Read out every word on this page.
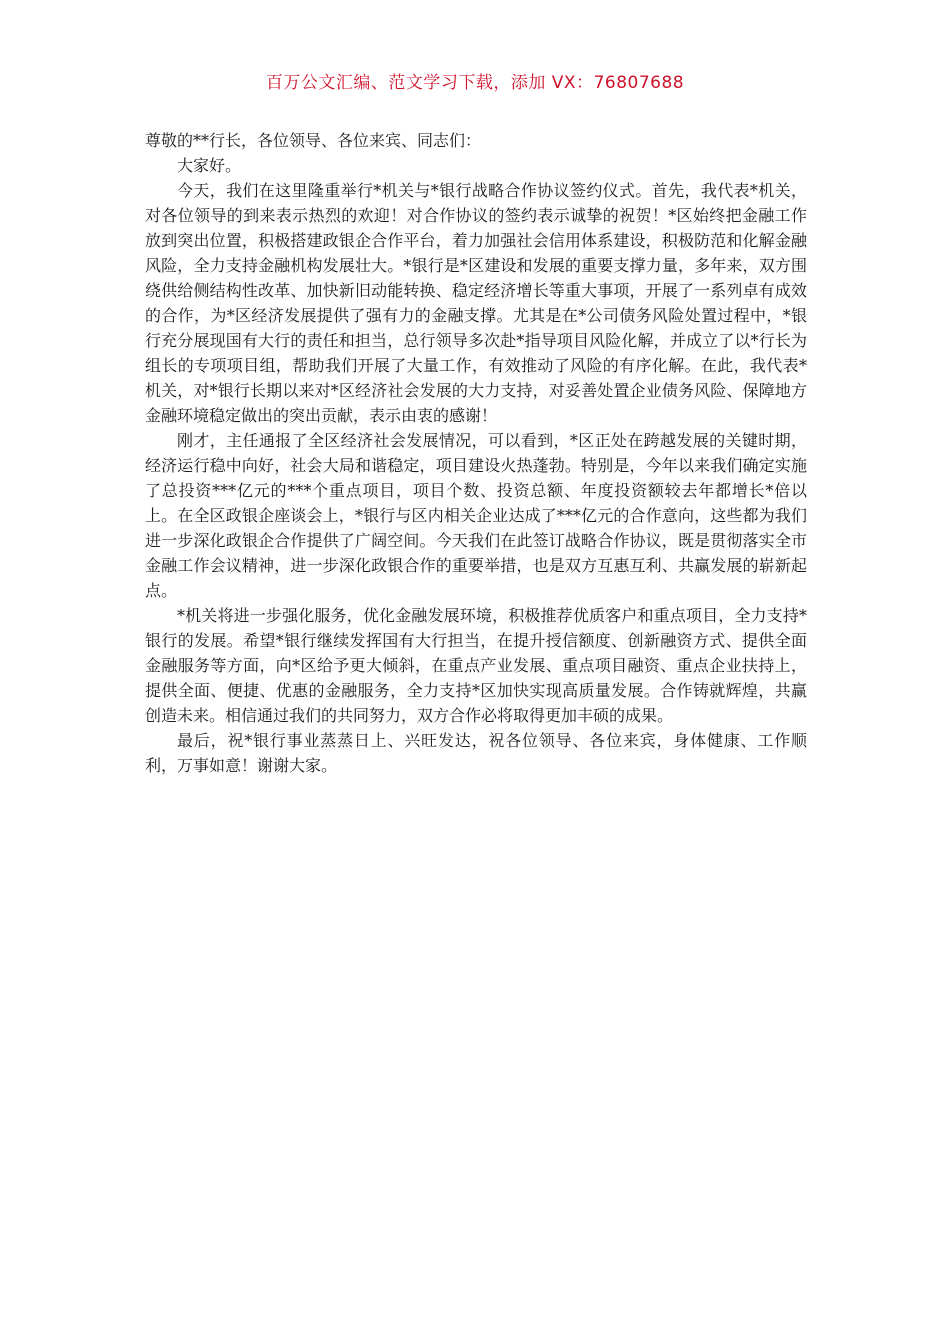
百万公文汇编、范文学习下载，添加 VX：76807688

尊敬的**行长，各位领导、各位来宾、同志们：

大家好。

今天，我们在这里隆重举行*机关与*银行战略合作协议签约仪式。首先，我代表*机关，对各位领导的到来表示热烈的欢迎！对合作协议的签约表示诚挚的祝贺！*区始终把金融工作放到突出位置，积极搭建政银企合作平台，着力加强社会信用体系建设，积极防范和化解金融风险，全力支持金融机构发展壮大。*银行是*区建设和发展的重要支撑力量，多年来，双方围绕供给侧结构性改革、加快新旧动能转换、稳定经济增长等重大事项，开展了一系列卓有成效的合作，为*区经济发展提供了强有力的金融支撑。尤其是在*公司债务风险处置过程中，*银行充分展现国有大行的责任和担当，总行领导多次赴*指导项目风险化解，并成立了以*行长为组长的专项项目组，帮助我们开展了大量工作，有效推动了风险的有序化解。在此，我代表*机关，对*银行长期以来对*区经济社会发展的大力支持，对妥善处置企业债务风险、保障地方金融环境稳定做出的突出贡献，表示由衷的感谢！

刚才，主任通报了全区经济社会发展情况，可以看到，*区正处在跨越发展的关键时期，经济运行稳中向好，社会大局和谐稳定，项目建设火热蓬勃。特别是，今年以来我们确定实施了总投资***亿元的***个重点项目，项目个数、投资总额、年度投资额较去年都增长*倍以上。在全区政银企座谈会上，*银行与区内相关企业达成了***亿元的合作意向，这些都为我们进一步深化政银企合作提供了广阔空间。今天我们在此签订战略合作协议，既是贯彻落实全市金融工作会议精神，进一步深化政银合作的重要举措，也是双方互惠互利、共赢发展的崭新起点。

*机关将进一步强化服务，优化金融发展环境，积极推荐优质客户和重点项目，全力支持*银行的发展。希望*银行继续发挥国有大行担当，在提升授信额度、创新融资方式、提供全面金融服务等方面，向*区给予更大倾斜，在重点产业发展、重点项目融资、重点企业扶持上，提供全面、便捷、优惠的金融服务，全力支持*区加快实现高质量发展。合作铸就辉煌，共赢创造未来。相信通过我们的共同努力，双方合作必将取得更加丰硕的成果。

最后，祝*银行事业蒸蒸日上、兴旺发达，祝各位领导、各位来宾，身体健康、工作顺利，万事如意！谢谢大家。
